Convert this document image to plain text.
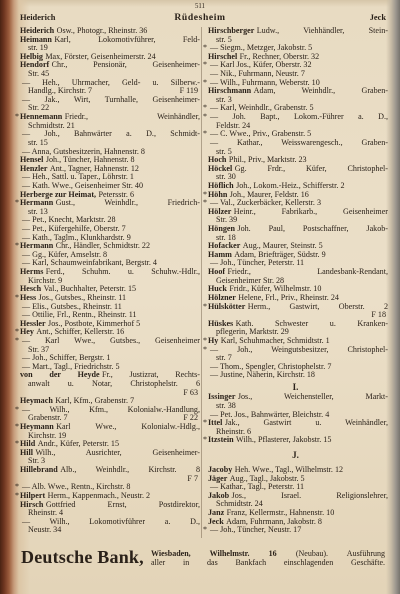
511
Heiderich	Rüdesheim	Jeck
Heiderich Osw., Photogr., Rheinstr. 36
Heimann Karl, Lokomotivführer, Feld-
str. 19
Helbig Max, Förster, Geisenheimerstr. 24
Hendorf Chr., Pensionär, Geisenheimer-
Str. 45
— Heh., Uhrmacher, Geld- u. Silberw.-
F 119
Handlg., Kirchstr. 7
— Jak., Wirt, Turnhalle, Geisenheimer-
Str. 22
* Hennemann Friedr., Weinhändler,
Schmidtstr. 21
— Joh., Bahnwärter a. D., Schmidt-
str. 15
— Anna, Gutsbesitzerin, Hahnenstr. 8
Hensel Joh., Tüncher, Hahnenstr. 8
Henzler Ant., Tagner, Hahnenstr. 12
— Heh., Sattl. u. Taper., Löhrstr. 1
— Kath. Wwe., Geisenheimer Str. 40
Herberge zur Heimat, Petersstr. 6
* Hermann Gust., Weinhdlr., Friedrich-
str. 13
— Pet., Knecht, Marktstr. 28
— Pet., Küfergehilfe, Oberstr. 7
— Kath., Taglm., Klunkhardstr. 9
* Hermann Chr., Händler, Schmidtstr. 22
— Gg., Küfer, Amselstr. 8
— Karl, Schaumweinfabrikant, Bergstr. 4
Herms Ferd., Schuhm. u. Schuhw.-Hdlr.,
Kirchstr. 9
Hesch Val., Buchhalter, Peterstr. 15
* Hess Jos., Gutsbes., Rheinstr. 11
— Elis., Gutsbes., Rheinstr. 11
— Ottilie, Frl., Rentn., Rheinstr. 11
Hessler Jos., Postbote, Kimmerhof 5
* Hey Ant., Schiffer, Kellerstr. 16
* — Karl Wwe., Gutsbes., Geisenheimer
Str. 37
— Joh., Schiffer, Bergstr. 1
— Mart., Tagl., Friedrichstr. 5
von der Heyde Fr., Justizrat, Rechts-
anwalt u. Notar, Christophelstr. 6
F 63
Heymach Karl, Kfm., Grabenstr. 7
* — Wilh., Kfm., Kolonialw.-Handlung,
F 22
Grabenstr. 7
* Heymann Karl Wwe., Kolonialw.-Hdlg.,
Kirchstr. 19
* Hild Andr., Küfer, Peterstr. 15
Hill Wilh., Ausrichter, Geisenheimer-
Str. 3
Hillebrand Alb., Weinhdlr., Kirchstr. 8
F 7
* — Alb. Wwe., Rentn., Kirchstr. 8
* Hilpert Herm., Kappenmach., Neustr. 2
Hirsch Gottfried Ernst, Postdirektor,
Rheinstr. 4
— Wilh., Lokomotivführer a. D.,
Neustr. 34
Hirschberger Ludw., Viehhändler, Stein-
str. 5
* — Siegm., Metzger, Jakobstr. 5
Hirschel Fr., Rechner, Oberstr. 32
* — Karl Jos., Küfer, Oberstr. 32
— Nik., Fuhrmann, Neustr. 7
* — Wilh., Fuhrmann, Weberstr. 10
Hirschmann Adam, Weinhdlr., Graben-
str. 3
* — Karl, Weinhdlr., Grabenstr. 5
* — Joh. Bapt., Lokom.-Führer a. D.,
Feldstr. 24
* — C. Wwe., Priv., Grabenstr. 5
— Kathar., Weisswarengesch., Graben-
str. 5
Hoch Phil., Priv., Marktstr. 23
Höckel Gg. Frdr., Küfer, Christophel-
str. 30
Höflich Joh., Lokom.-Heiz., Schifferstr. 2
* Höhn Joh., Maurer, Feldstr. 16
* — Val., Zuckerbäcker, Kellerstr. 3
Hölzer Heinr., Fabrikarb., Geisenheimer
Str. 39
Höngen Joh. Paul, Postschaffner, Jakob-
str. 18
Hofacker Aug., Maurer, Steinstr. 5
Hamm Adam, Briefträger, Südstr. 9
— Joh., Tüncher, Peterstr. 11
Hoof Friedr., Landesbank-Rendant,
Geisenheimer Str. 28
Huck Fridr., Küfer, Wilhelmstr. 10
Hölzner Helene, Frl., Priv., Rheinstr. 24
* Hülskötter Herm., Gastwirt, Oberstr. 2
F 18
Hüskes Kath. Schwester u. Kranken-
pflegerin, Marktstr. 29
* Hy Karl, Schuhmacher, Schmidtstr. 1
* — Joh., Weingutsbesitzer, Christophel-
str. 7
— Thom., Spengler, Christophelstr. 7
— Justine, Näherin, Kirchstr. 18
I.
Issinger Jos., Weichensteller, Markt-
str. 38
— Pet. Jos., Bahnwärter, Bleichstr. 4
* Ittel Jak., Gastwirt u. Weinhändler,
Rheinstr. 6
* Itzstein Wilh., Pflasterer, Jakobstr. 15
J.
Jacoby Heh. Wwe., Tagl., Wilhelmstr. 12
Jäger Aug., Tagl., Jakobstr. 5
— Kathar., Tagl., Peterstr. 11
Jakob Jos., Israel. Religionslehrer,
Schmidtstr. 24
Janz Franz, Kellermstr., Hahnenstr. 10
Jeck Adam, Fuhrmann, Jakobstr. 8
* — Joh., Tüncher, Neustr. 17
Deutsche Bank, Wiesbaden, Wilhelmstr. 16 (Neubau). Ausführung
aller in das Bankfach einschlagenden Geschäfte.
